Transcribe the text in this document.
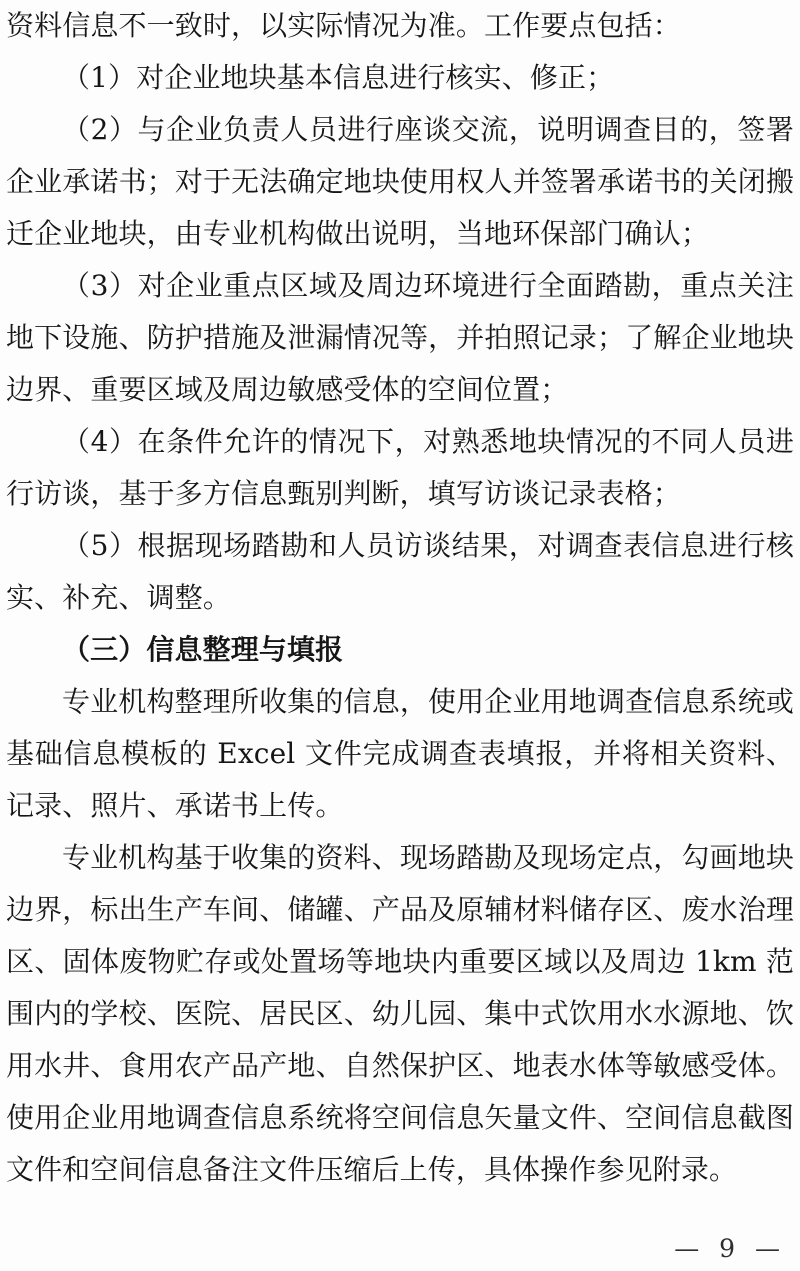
资料信息不一致时，以实际情况为准。工作要点包括：

（1）对企业地块基本信息进行核实、修正；

（2）与企业负责人员进行座谈交流，说明调查目的，签署企业承诺书；对于无法确定地块使用权人并签署承诺书的关闭搬迁企业地块，由专业机构做出说明，当地环保部门确认；

（3）对企业重点区域及周边环境进行全面踏勘，重点关注地下设施、防护措施及泄漏情况等，并拍照记录；了解企业地块边界、重要区域及周边敏感受体的空间位置；

（4）在条件允许的情况下，对熟悉地块情况的不同人员进行访谈，基于多方信息甄别判断，填写访谈记录表格；

（5）根据现场踏勘和人员访谈结果，对调查表信息进行核实、补充、调整。

（三）信息整理与填报

专业机构整理所收集的信息，使用企业用地调查信息系统或基础信息模板的 Excel 文件完成调查表填报，并将相关资料、记录、照片、承诺书上传。

专业机构基于收集的资料、现场踏勘及现场定点，勾画地块边界，标出生产车间、储罐、产品及原辅材料储存区、废水治理区、固体废物贮存或处置场等地块内重要区域以及周边 1km 范围内的学校、医院、居民区、幼儿园、集中式饮用水水源地、饮用水井、食用农产品产地、自然保护区、地表水体等敏感受体。使用企业用地调查信息系统将空间信息矢量文件、空间信息截图文件和空间信息备注文件压缩后上传，具体操作参见附录。

— 9 —
